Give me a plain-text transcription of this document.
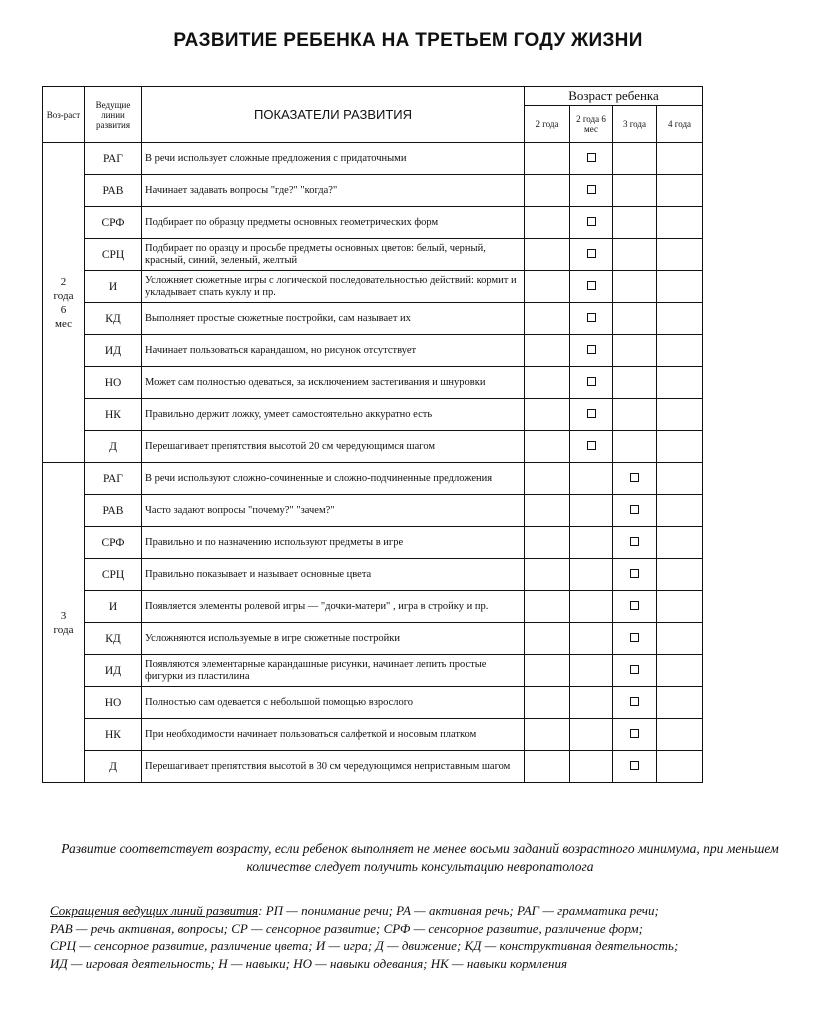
РАЗВИТИЕ РЕБЕНКА НА ТРЕТЬЕМ ГОДУ ЖИЗНИ
Воз-раст	Ведущие линии развития	ПОКАЗАТЕЛИ РАЗВИТИЯ	Возраст ребенка			
			2 года	2 года 6 мес	3 года	4 года
2 года 6 мес	РАГ	В речи использует сложные предложения с придаточными				
	РАВ	Начинает задавать вопросы "где?" "когда?"				
	СРФ	Подбирает по образцу предметы основных геометрических форм				
	СРЦ	Подбирает по оразцу и просьбе предметы основных цветов: белый, черный, красный, синий, зеленый, желтый				
	И	Усложняет сюжетные игры с логической последовательностью действий: кормит и укладывает спать куклу и пр.				
	КД	Выполняет простые сюжетные постройки, сам называет их				
	ИД	Начинает пользоваться карандашом, но рисунок отсутствует				
	НО	Может сам полностью одеваться, за исключением застегивания и шнуровки				
	НК	Правильно держит ложку, умеет самостоятельно аккуратно есть				
	Д	Перешагивает препятствия высотой 20 см чередующимся шагом				
3 года	РАГ	В речи используют сложно-сочиненные и сложно-подчиненные предложения				
	РАВ	Часто задают вопросы "почему?" "зачем?"				
	СРФ	Правильно и по назначению используют предметы в игре				
	СРЦ	Правильно показывает и называет основные цвета				
	И	Появляется элементы ролевой игры — "дочки-матери" , игра в стройку и пр.				
	КД	Усложняются используемые в игре сюжетные постройки				
	ИД	Появляются элементарные карандашные рисунки, начинает лепить простые фигурки из пластилина				
	НО	Полностью сам одевается с небольшой помощью взрослого				
	НК	При необходимости начинает пользоваться салфеткой и носовым платком				
	Д	Перешагивает препятствия высотой в 30 см чередующимся неприставным шагом				
Развитие соответствует возрасту, если ребенок выполняет не менее восьми заданий возрастного минимума, при меньшем количестве следует получить консультацию невропатолога
Сокращения ведущих линий развития: РП — понимание речи; РА — активная речь; РАГ — грамматика речи;
РАВ — речь активная, вопросы; СР — сенсорное развитие; СРФ — сенсорное развитие, различение форм;
СРЦ — сенсорное развитие, различение цвета; И — игра; Д — движение; КД — конструктивная деятельность;
ИД — игровая деятельность; Н — навыки; НО — навыки одевания; НК — навыки кормления
